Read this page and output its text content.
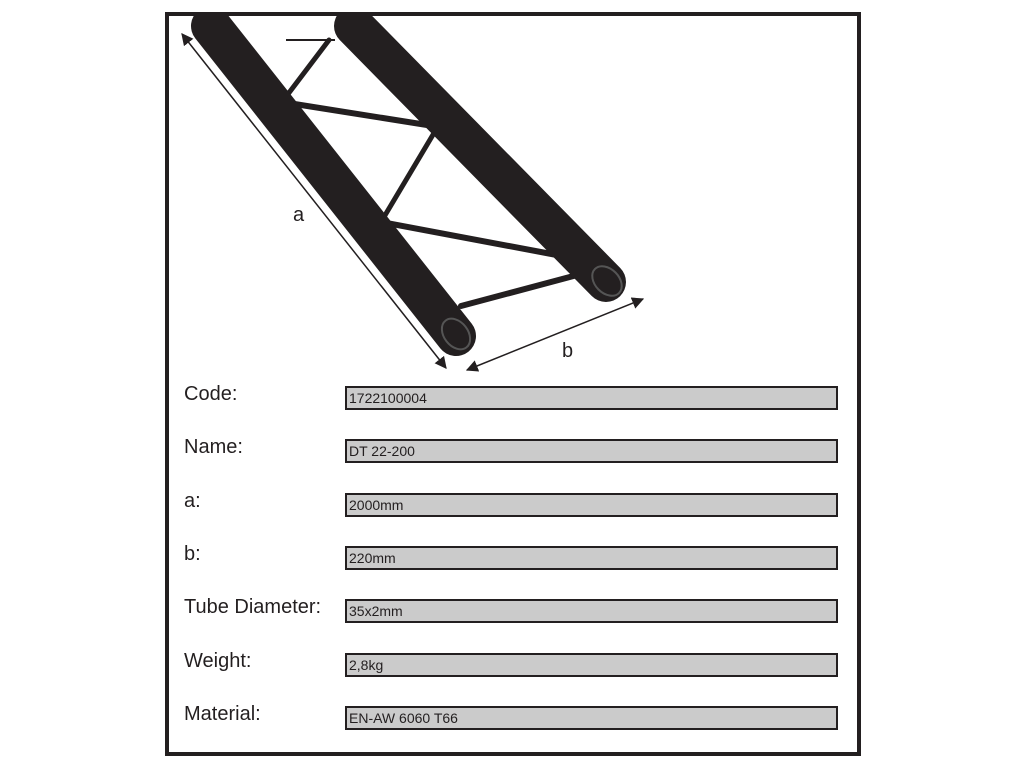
a
b
Code:	1722100004
Name:	DT 22-200
a:	2000mm
b:	220mm
Tube Diameter: 35x2mm
Weight:	2,8kg
Material:	EN-AW 6060 T66
